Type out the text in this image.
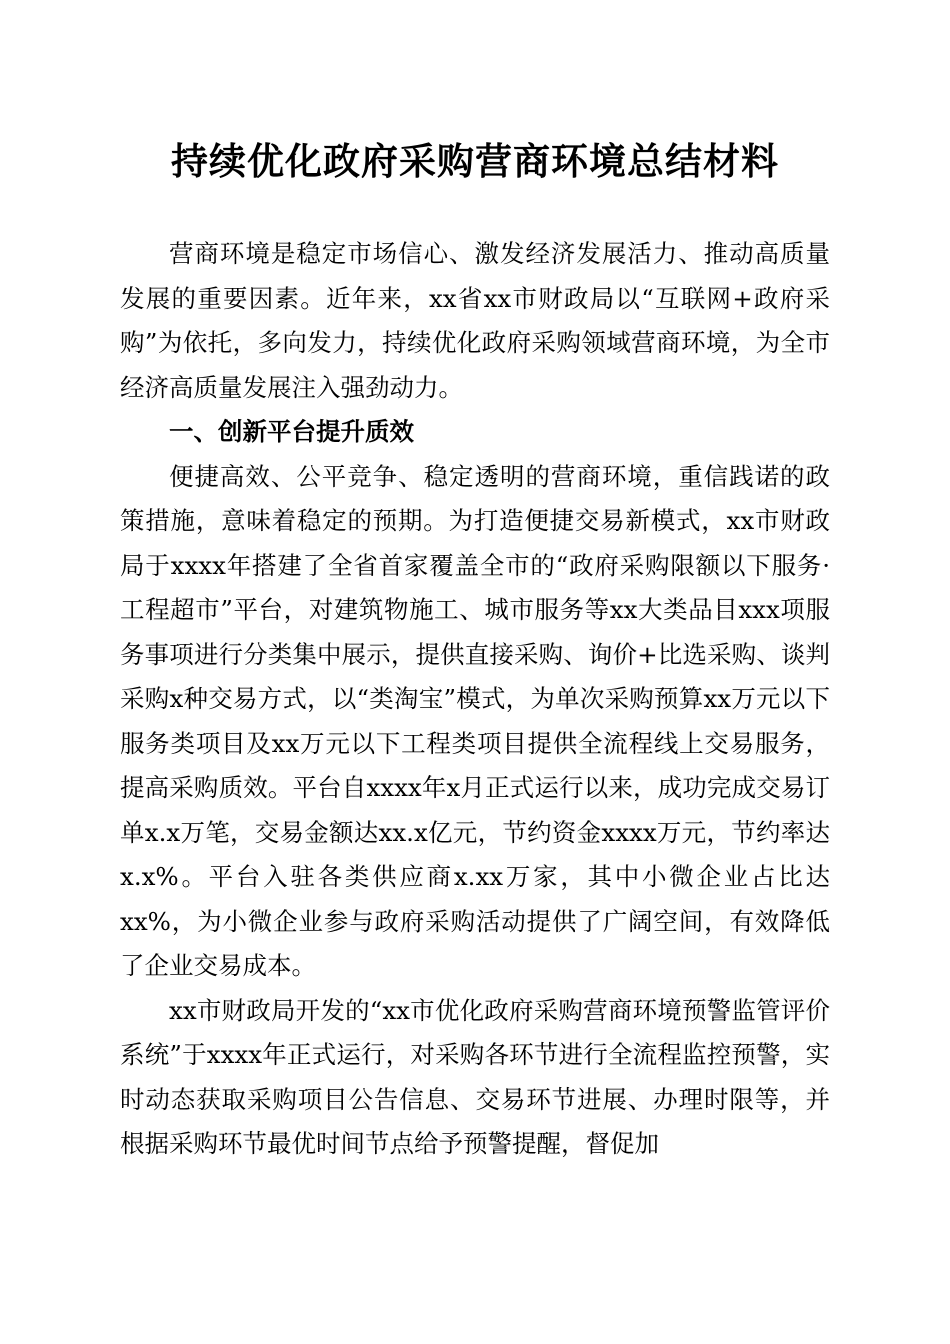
持续优化政府采购营商环境总结材料

营商环境是稳定市场信心、激发经济发展活力、推动高质量发展的重要因素。近年来，xx省xx市财政局以“互联网+政府采购”为依托，多向发力，持续优化政府采购领域营商环境，为全市经济高质量发展注入强劲动力。

一、创新平台提升质效

便捷高效、公平竞争、稳定透明的营商环境，重信践诺的政策措施，意味着稳定的预期。为打造便捷交易新模式，xx市财政局于xxxx年搭建了全省首家覆盖全市的“政府采购限额以下服务·工程超市”平台，对建筑物施工、城市服务等xx大类品目xxx项服务事项进行分类集中展示，提供直接采购、询价+比选采购、谈判采购x种交易方式，以“类淘宝”模式，为单次采购预算xx万元以下服务类项目及xx万元以下工程类项目提供全流程线上交易服务，提高采购质效。平台自xxxx年x月正式运行以来，成功完成交易订单x.x万笔，交易金额达xx.x亿元，节约资金xxxx万元，节约率达x.x%。平台入驻各类供应商x.xx万家，其中小微企业占比达xx%，为小微企业参与政府采购活动提供了广阔空间，有效降低了企业交易成本。

xx市财政局开发的“xx市优化政府采购营商环境预警监管评价系统”于xxxx年正式运行，对采购各环节进行全流程监控预警，实时动态获取采购项目公告信息、交易环节进展、办理时限等，并根据采购环节最优时间节点给予预警提醒，督促加
